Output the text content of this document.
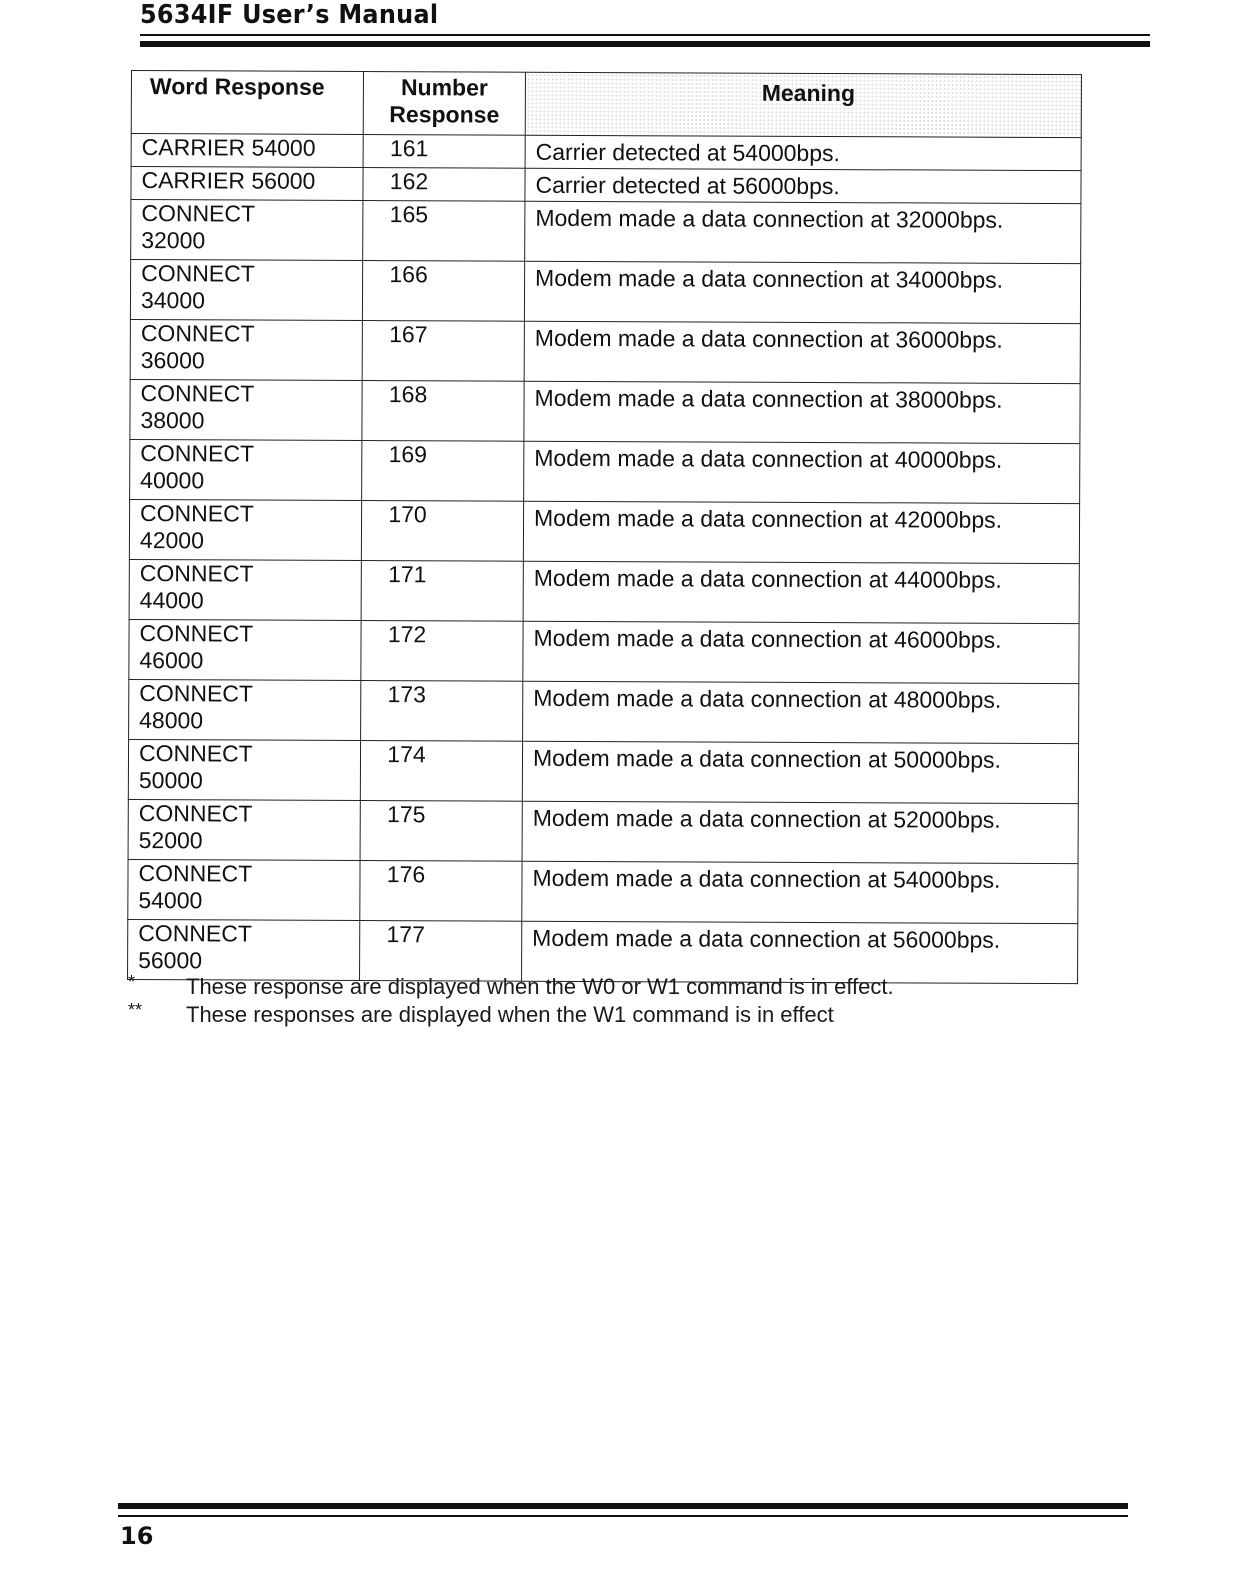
5634IF User’s Manual
Word Response	Number Response	Meaning
CARRIER 54000	161	Carrier detected at 54000bps.
CARRIER 56000	162	Carrier detected at 56000bps.
CONNECT 32000	165	Modem made a data connection at 32000bps.
CONNECT 34000	166	Modem made a data connection at 34000bps.
CONNECT 36000	167	Modem made a data connection at 36000bps.
CONNECT 38000	168	Modem made a data connection at 38000bps.
CONNECT 40000	169	Modem made a data connection at 40000bps.
CONNECT 42000	170	Modem made a data connection at 42000bps.
CONNECT 44000	171	Modem made a data connection at 44000bps.
CONNECT 46000	172	Modem made a data connection at 46000bps.
CONNECT 48000	173	Modem made a data connection at 48000bps.
CONNECT 50000	174	Modem made a data connection at 50000bps.
CONNECT 52000	175	Modem made a data connection at 52000bps.
CONNECT 54000	176	Modem made a data connection at 54000bps.
CONNECT 56000	177	Modem made a data connection at 56000bps.
* These response are displayed when the W0 or W1 command is in effect.
** These responses are displayed when the W1 command is in effect
16
